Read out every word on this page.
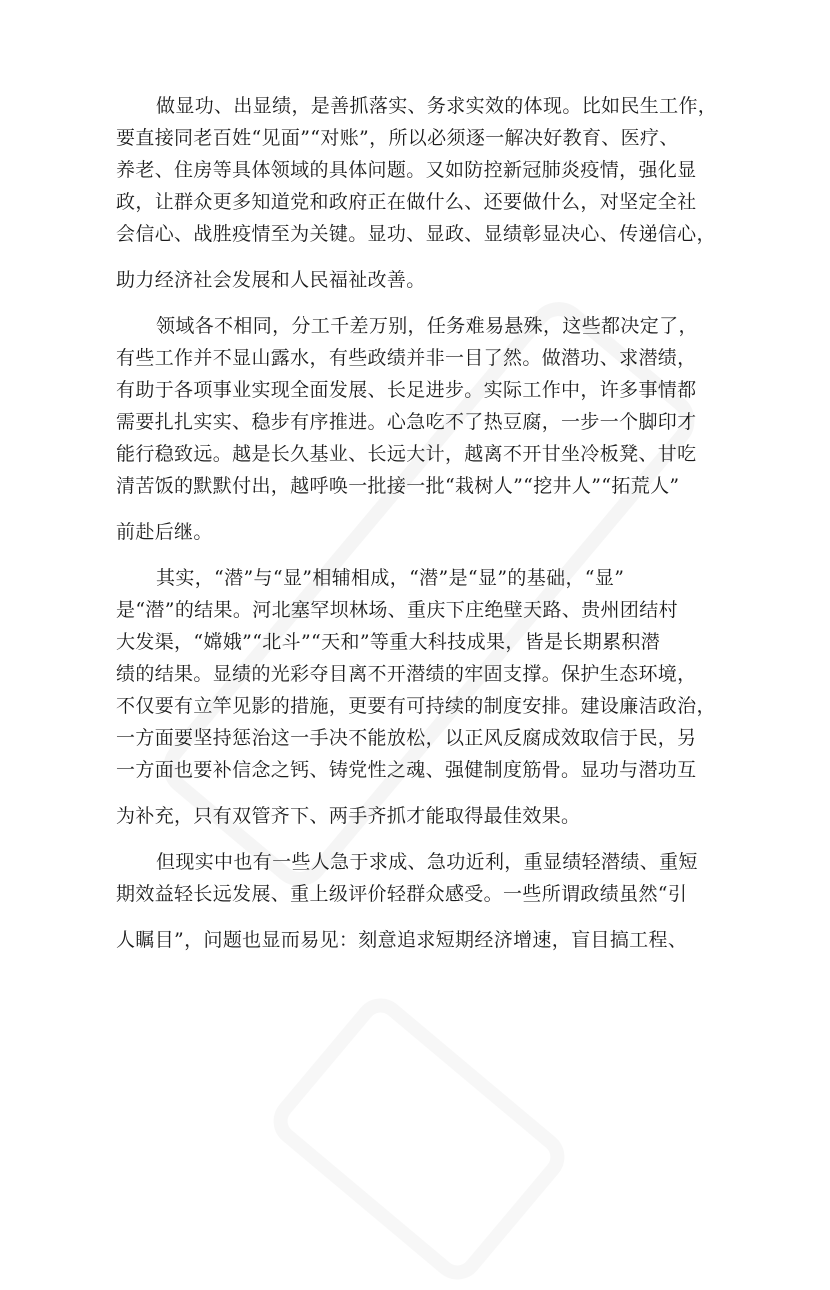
做显功、出显绩，是善抓落实、务求实效的体现。比如民生工作，
要直接同老百姓“见面”“对账”，所以必须逐一解决好教育、医疗、
养老、住房等具体领域的具体问题。又如防控新冠肺炎疫情，强化显
政，让群众更多知道党和政府正在做什么、还要做什么，对坚定全社
会信心、战胜疫情至为关键。显功、显政、显绩彰显决心、传递信心，
助力经济社会发展和人民福祉改善。
领域各不相同，分工千差万别，任务难易悬殊，这些都决定了，
有些工作并不显山露水，有些政绩并非一目了然。做潜功、求潜绩，
有助于各项事业实现全面发展、长足进步。实际工作中，许多事情都
需要扎扎实实、稳步有序推进。心急吃不了热豆腐，一步一个脚印才
能行稳致远。越是长久基业、长远大计，越离不开甘坐冷板凳、甘吃
清苦饭的默默付出，越呼唤一批接一批“栽树人”“挖井人”“拓荒人”
前赴后继。
其实，“潜”与“显”相辅相成，“潜”是“显”的基础，“显”
是“潜”的结果。河北塞罕坝林场、重庆下庄绝壁天路、贵州团结村
大发渠，“嫦娥”“北斗”“天和”等重大科技成果，皆是长期累积潜
绩的结果。显绩的光彩夺目离不开潜绩的牢固支撑。保护生态环境，
不仅要有立竿见影的措施，更要有可持续的制度安排。建设廉洁政治，
一方面要坚持惩治这一手决不能放松，以正风反腐成效取信于民，另
一方面也要补信念之钙、铸党性之魂、强健制度筋骨。显功与潜功互
为补充，只有双管齐下、两手齐抓才能取得最佳效果。
但现实中也有一些人急于求成、急功近利，重显绩轻潜绩、重短
期效益轻长远发展、重上级评价轻群众感受。一些所谓政绩虽然“引
人瞩目”，问题也显而易见：刻意追求短期经济增速，盲目搞工程、
